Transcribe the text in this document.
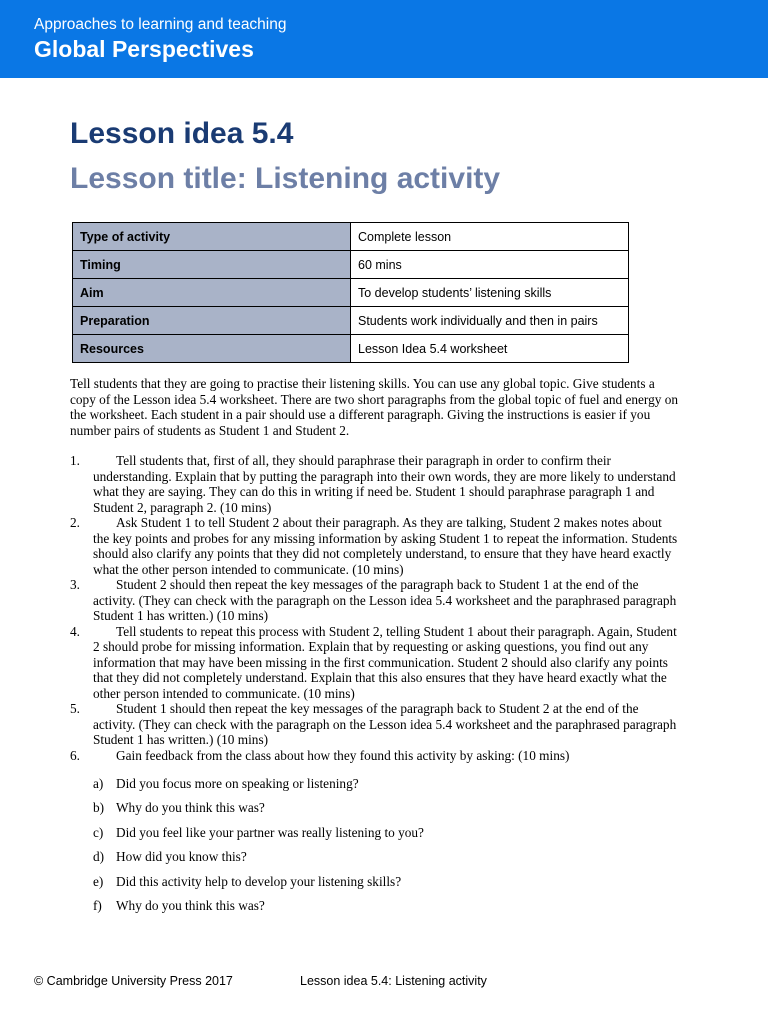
Approaches to learning and teaching
Global Perspectives
Lesson idea 5.4
Lesson title: Listening activity
Type of activity	Complete lesson
Timing	60 mins
Aim	To develop students’ listening skills
Preparation	Students work individually and then in pairs
Resources	Lesson Idea 5.4 worksheet

Tell students that they are going to practise their listening skills. You can use any global topic. Give students a copy of the Lesson idea 5.4 worksheet. There are two short paragraphs from the global topic of fuel and energy on the worksheet. Each student in a pair should use a different paragraph. Giving the instructions is easier if you number pairs of students as Student 1 and Student 2.

1.	Tell students that, first of all, they should paraphrase their paragraph in order to confirm their understanding. Explain that by putting the paragraph into their own words, they are more likely to understand what they are saying. They can do this in writing if need be. Student 1 should paraphrase paragraph 1 and Student 2, paragraph 2. (10 mins)
2.	Ask Student 1 to tell Student 2 about their paragraph. As they are talking, Student 2 makes notes about the key points and probes for any missing information by asking Student 1 to repeat the information. Students should also clarify any points that they did not completely understand, to ensure that they have heard exactly what the other person intended to communicate. (10 mins)
3.	Student 2 should then repeat the key messages of the paragraph back to Student 1 at the end of the activity. (They can check with the paragraph on the Lesson idea 5.4 worksheet and the paraphrased paragraph Student 1 has written.) (10 mins)
4.	Tell students to repeat this process with Student 2, telling Student 1 about their paragraph. Again, Student 2 should probe for missing information. Explain that by requesting or asking questions, you find out any information that may have been missing in the first communication. Student 2 should also clarify any points that they did not completely understand. Explain that this also ensures that they have heard exactly what the other person intended to communicate. (10 mins)
5.	Student 1 should then repeat the key messages of the paragraph back to Student 2 at the end of the activity. (They can check with the paragraph on the Lesson idea 5.4 worksheet and the paraphrased paragraph Student 1 has written.) (10 mins)
6.	Gain feedback from the class about how they found this activity by asking: (10 mins)
a) Did you focus more on speaking or listening?
b) Why do you think this was?
c) Did you feel like your partner was really listening to you?
d) How did you know this?
e) Did this activity help to develop your listening skills?
f) Why do you think this was?
© Cambridge University Press 2017	Lesson idea 5.4: Listening activity
